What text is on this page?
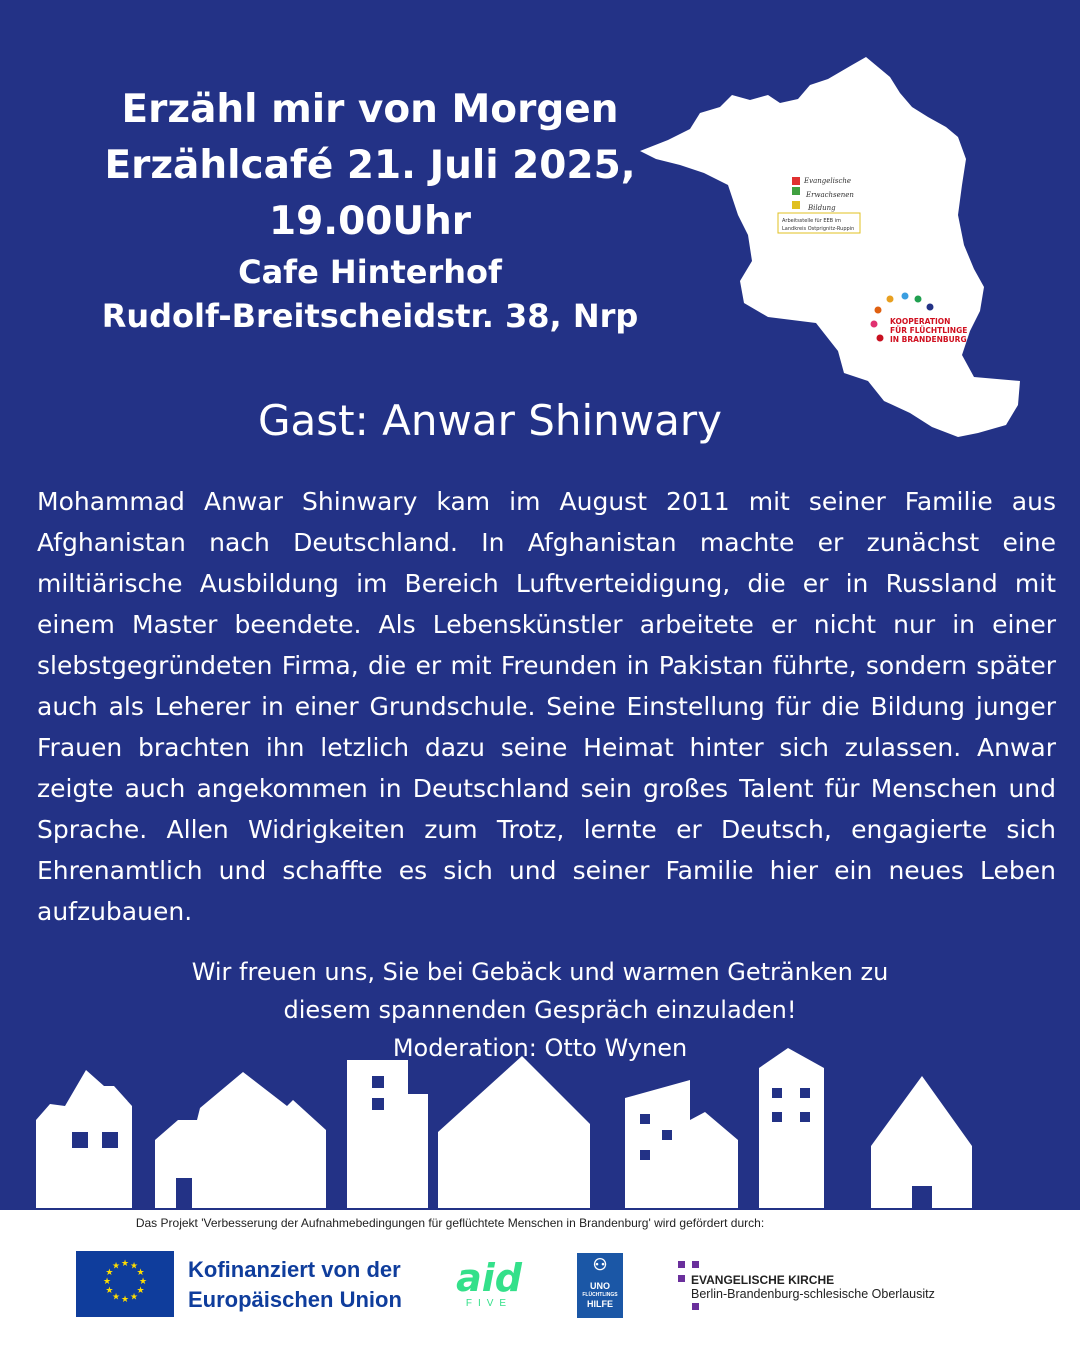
Erzähl mir von Morgen
Erzählcafé 21. Juli 2025,
19.00Uhr
Cafe Hinterhof
Rudolf-Breitscheidstr. 38, Nrp
Evangelische
Erwachsenen
Bildung
Arbeitsstelle für EEB im
Landkreis Ostprignitz-Ruppin
KOOPERATION
FÜR FLÜCHTLINGE
IN BRANDENBURG
Gast: Anwar Shinwary
Mohammad Anwar Shinwary kam im August 2011 mit seiner Familie aus Afghanistan nach Deutschland. In Afghanistan machte er zunächst eine miltiärische Ausbildung im Bereich Luftverteidigung, die er in Russland mit einem Master beendete. Als Lebenskünstler arbeitete er nicht nur in einer slebstgegründeten Firma, die er mit Freunden in Pakistan führte, sondern später auch als Leherer in einer Grundschule. Seine Einstellung für die Bildung junger Frauen brachten ihn letzlich dazu seine Heimat hinter sich zulassen. Anwar zeigte auch angekommen in Deutschland sein großes Talent für Menschen und Sprache. Allen Widrigkeiten zum Trotz, lernte er Deutsch, engagierte sich Ehrenamtlich und schaffte es sich und seiner Familie hier ein neues Leben aufzubauen.
Wir freuen uns, Sie bei Gebäck und warmen Getränken zu
diesem spannenden Gespräch einzuladen!
Moderation: Otto Wynen
Das Projekt 'Verbesserung der Aufnahmebedingungen für geflüchtete Menschen in Brandenburg' wird gefördert durch:
★ ★
★
★
★
★
★
★
★
★
★
★	Kofinanziert von der
Europäischen Union aid
FIVE
⚇
UNO
FLÜCHTLINGS
HILFE
EVANGELISCHE KIRCHE
Berlin-Brandenburg-schlesische Oberlausitz
